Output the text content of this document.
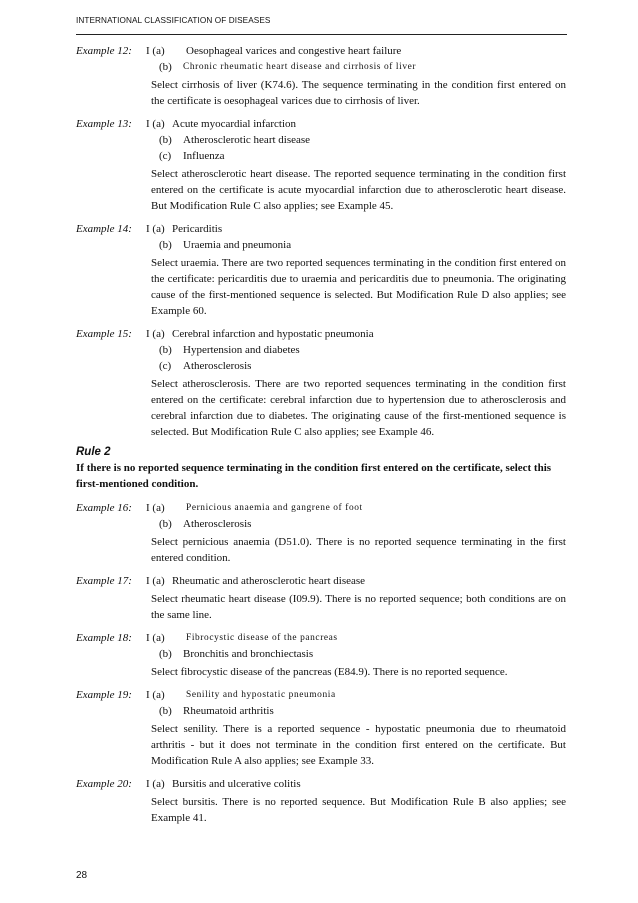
INTERNATIONAL CLASSIFICATION OF DISEASES
Example 12: I (a) Oesophageal varices and congestive heart failure
(b) Chronic rheumatic heart disease and cirrhosis of liver
Select cirrhosis of liver (K74.6). The sequence terminating in the condition first entered on the certificate is oesophageal varices due to cirrhosis of liver.
Example 13: I (a) Acute myocardial infarction
(b) Atherosclerotic heart disease
(c) Influenza
Select atherosclerotic heart disease. The reported sequence terminating in the condition first entered on the certificate is acute myocardial infarction due to atherosclerotic heart disease. But Modification Rule C also applies; see Example 45.
Example 14: I (a) Pericarditis
(b) Uraemia and pneumonia
Select uraemia. There are two reported sequences terminating in the condition first entered on the certificate: pericarditis due to uraemia and pericarditis due to pneumonia. The originating cause of the first-mentioned sequence is selected. But Modification Rule D also applies; see Example 60.
Example 15: I (a) Cerebral infarction and hypostatic pneumonia
(b) Hypertension and diabetes
(c) Atherosclerosis
Select atherosclerosis. There are two reported sequences terminating in the condition first entered on the certificate: cerebral infarction due to hypertension due to atherosclerosis and cerebral infarction due to diabetes. The originating cause of the first-mentioned sequence is selected. But Modification Rule C also applies; see Example 46.
Rule 2
If there is no reported sequence terminating in the condition first entered on the certificate, select this first-mentioned condition.
Example 16: I (a) Pernicious anaemia and gangrene of foot
(b) Atherosclerosis
Select pernicious anaemia (D51.0). There is no reported sequence terminating in the first entered condition.
Example 17: I (a) Rheumatic and atherosclerotic heart disease
Select rheumatic heart disease (I09.9). There is no reported sequence; both conditions are on the same line.
Example 18: I (a) Fibrocystic disease of the pancreas
(b) Bronchitis and bronchiectasis
Select fibrocystic disease of the pancreas (E84.9). There is no reported sequence.
Example 19: I (a) Senility and hypostatic pneumonia
(b) Rheumatoid arthritis
Select senility. There is a reported sequence - hypostatic pneumonia due to rheumatoid arthritis - but it does not terminate in the condition first entered on the certificate. But Modification Rule A also applies; see Example 33.
Example 20: I (a) Bursitis and ulcerative colitis
Select bursitis. There is no reported sequence. But Modification Rule B also applies; see Example 41.
28
